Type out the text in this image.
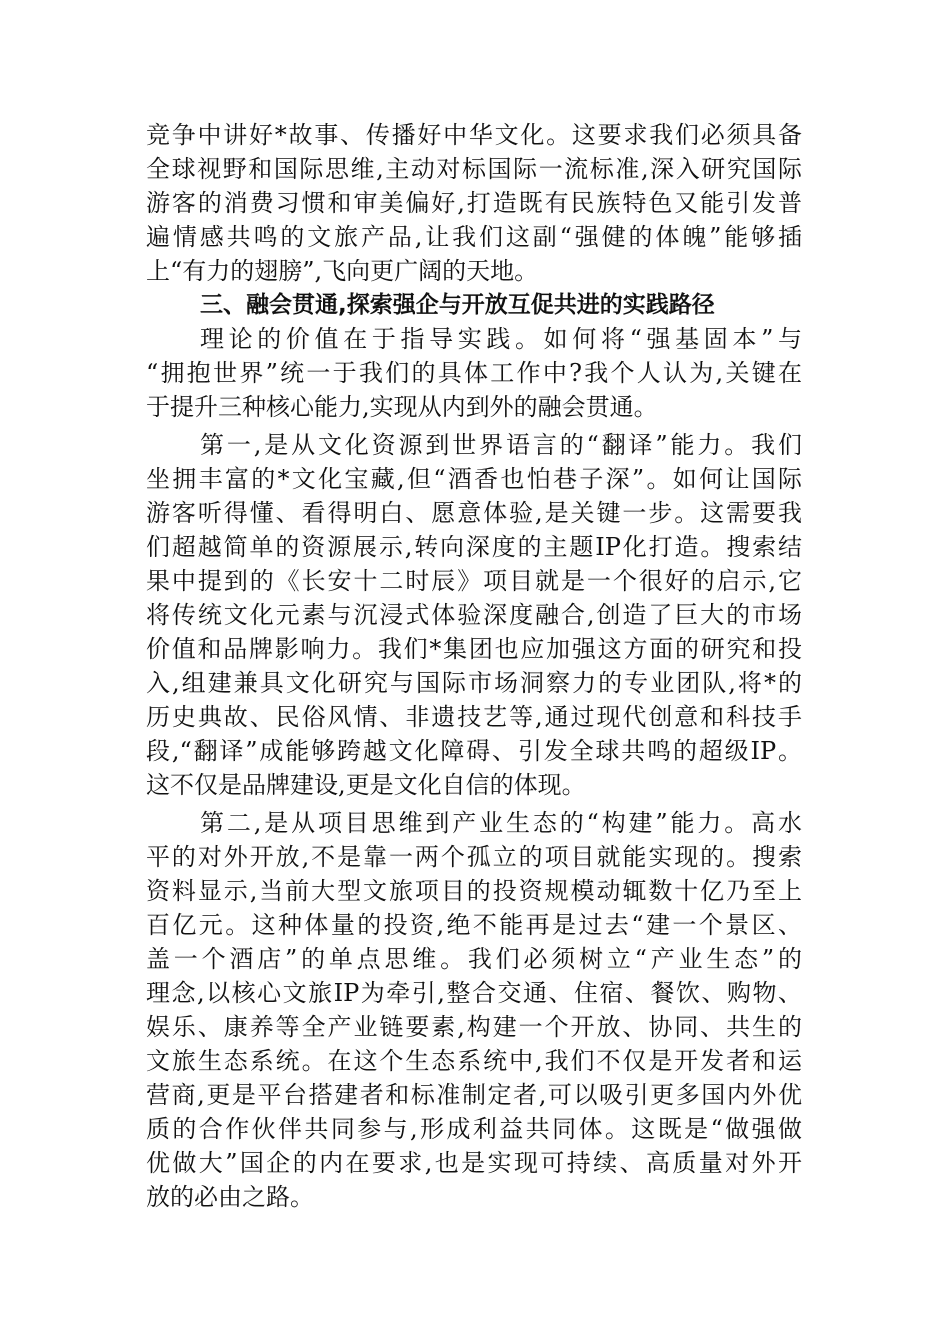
竞争中讲好*故事、传播好中华文化。这要求我们必须具备
全球视野和国际思维,主动对标国际一流标准,深入研究国际
游客的消费习惯和审美偏好,打造既有民族特色又能引发普
遍情感共鸣的文旅产品,让我们这副“强健的体魄”能够插
上“有力的翅膀”,飞向更广阔的天地。
三、融会贯通,探索强企与开放互促共进的实践路径
理论的价值在于指导实践。如何将“强基固本”与
“拥抱世界”统一于我们的具体工作中?我个人认为,关键在
于提升三种核心能力,实现从内到外的融会贯通。
第一,是从文化资源到世界语言的“翻译”能力。我们
坐拥丰富的*文化宝藏,但“酒香也怕巷子深”。如何让国际
游客听得懂、看得明白、愿意体验,是关键一步。这需要我
们超越简单的资源展示,转向深度的主题IP化打造。搜索结
果中提到的《长安十二时辰》项目就是一个很好的启示,它
将传统文化元素与沉浸式体验深度融合,创造了巨大的市场
价值和品牌影响力。我们*集团也应加强这方面的研究和投
入,组建兼具文化研究与国际市场洞察力的专业团队,将*的
历史典故、民俗风情、非遗技艺等,通过现代创意和科技手
段,“翻译”成能够跨越文化障碍、引发全球共鸣的超级IP。
这不仅是品牌建设,更是文化自信的体现。
第二,是从项目思维到产业生态的“构建”能力。高水
平的对外开放,不是靠一两个孤立的项目就能实现的。搜索
资料显示,当前大型文旅项目的投资规模动辄数十亿乃至上
百亿元。这种体量的投资,绝不能再是过去“建一个景区、
盖一个酒店”的单点思维。我们必须树立“产业生态”的
理念,以核心文旅IP为牵引,整合交通、住宿、餐饮、购物、
娱乐、康养等全产业链要素,构建一个开放、协同、共生的
文旅生态系统。在这个生态系统中,我们不仅是开发者和运
营商,更是平台搭建者和标准制定者,可以吸引更多国内外优
质的合作伙伴共同参与,形成利益共同体。这既是“做强做
优做大”国企的内在要求,也是实现可持续、高质量对外开
放的必由之路。
